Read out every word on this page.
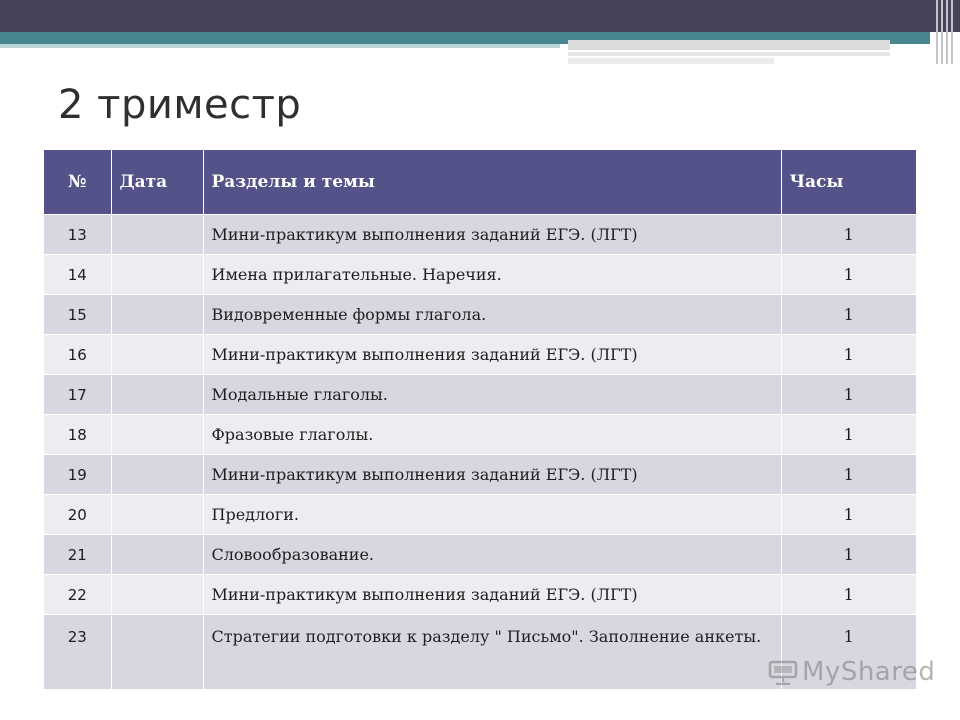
2 триместр
№	Дата	Разделы и темы	Часы
13		Мини-практикум выполнения заданий ЕГЭ. (ЛГТ)	1
14		Имена прилагательные. Наречия.	1
15		Видовременные формы глагола.	1
16		Мини-практикум выполнения заданий ЕГЭ. (ЛГТ)	1
17		Модальные глаголы.	1
18		Фразовые глаголы.	1
19		Мини-практикум выполнения заданий ЕГЭ. (ЛГТ)	1
20		Предлоги.	1
21		Словообразование.	1
22		Мини-практикум выполнения заданий ЕГЭ. (ЛГТ)	1
23		Стратегии подготовки к разделу " Письмо". Заполнение анкеты.	1
MyShared
